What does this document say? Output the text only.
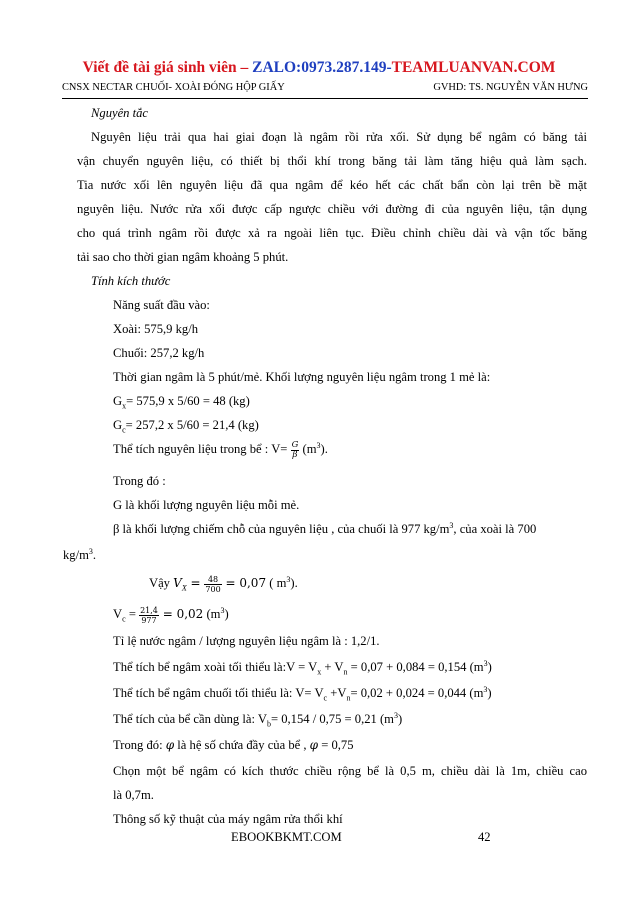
Viết đề tài giá sinh viên – ZALO:0973.287.149-TEAMLUANVAN.COM
CNSX NECTAR CHUỐI- XOÀI ĐÓNG HỘP GIẤY	GVHD: TS. NGUYỄN VĂN HƯNG
Nguyên tắc
Nguyên liệu trải qua hai giai đoạn là ngâm rồi rửa xối. Sử dụng bể ngâm có băng tải
vận chuyển nguyên liệu, có thiết bị thổi khí trong băng tải làm tăng hiệu quả làm sạch.
Tia nước xối lên nguyên liệu đã qua ngâm để kéo hết các chất bẩn còn lại trên bề mặt
nguyên liệu. Nước rửa xối được cấp ngược chiều với đường đi của nguyên liệu, tận dụng
cho quá trình ngâm rồi được xả ra ngoài liên tục. Điều chỉnh chiều dài và vận tốc băng
tải sao cho thời gian ngâm khoảng 5 phút.
Tính kích thước
Năng suất đầu vào:
Xoài: 575,9 kg/h
Chuối: 257,2 kg/h
Thời gian ngâm là 5 phút/mẻ. Khối lượng nguyên liệu ngâm trong 1 mẻ là:
$G_x= 575,9$ x 5/60 = 48 (kg)
$G_c= 257,2$ x 5/60 = 21,4 (kg)
Thể tích nguyên liệu trong bể : $V= \frac{G}{\beta} (m^3)$.
Trong đó :
G là khối lượng nguyên liệu mỗi mẻ.
β là khối lượng chiếm chỗ của nguyên liệu , của chuối là 977 $kg/m^3$, của xoài là 700
$kg/m^3$.
Vậy $V_X = \frac{48}{700} = 0,07$ ( $m^3$).
$V_c = \frac{21,4}{977} = 0,02$ $(m^3)$
Tỉ lệ nước ngâm / lượng nguyên liệu ngâm là : 1,2/1.
Thể tích bể ngâm xoài tối thiểu là:V = $V_x + V_n = 0,07 + 0,084 = 0,154$ $(m^3)$
Thể tích bể ngâm chuối tối thiểu là: $V= V_c +V_n= 0,02 + 0,024 = 0,044$ $(m^3)$
Thể tích của bể cần dùng là: $V_b= 0,154 / 0,75 = 0,21$ $(m^3)$
Trong đó: φ là hệ số chứa đầy của bể , φ = 0,75
Chọn một bể ngâm có kích thước chiều rộng bể là 0,5 m, chiều dài là 1m, chiều cao
là 0,7m.
Thông số kỹ thuật của máy ngâm rửa thổi khí
EBOOKBKMT.COM	42
